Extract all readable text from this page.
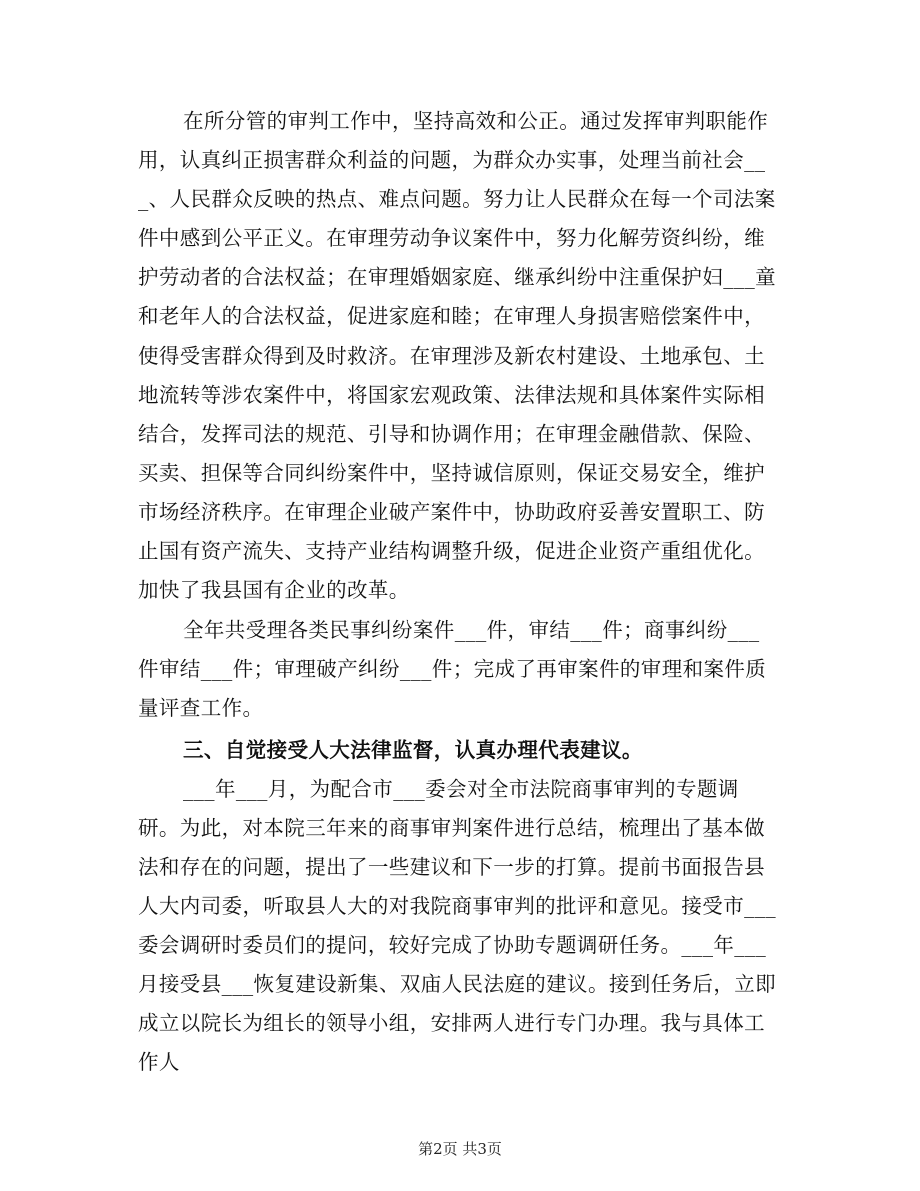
在所分管的审判工作中，坚持高效和公正。通过发挥审判职能作用，认真纠正损害群众利益的问题，为群众办实事，处理当前社会___、人民群众反映的热点、难点问题。努力让人民群众在每一个司法案件中感到公平正义。在审理劳动争议案件中，努力化解劳资纠纷，维护劳动者的合法权益；在审理婚姻家庭、继承纠纷中注重保护妇___童和老年人的合法权益，促进家庭和睦；在审理人身损害赔偿案件中，使得受害群众得到及时救济。在审理涉及新农村建设、土地承包、土地流转等涉农案件中，将国家宏观政策、法律法规和具体案件实际相结合，发挥司法的规范、引导和协调作用；在审理金融借款、保险、买卖、担保等合同纠纷案件中，坚持诚信原则，保证交易安全，维护市场经济秩序。在审理企业破产案件中，协助政府妥善安置职工、防止国有资产流失、支持产业结构调整升级，促进企业资产重组优化。加快了我县国有企业的改革。

全年共受理各类民事纠纷案件___件，审结___件；商事纠纷___件审结___件；审理破产纠纷___件；完成了再审案件的审理和案件质量评查工作。

三、自觉接受人大法律监督，认真办理代表建议。

___年___月，为配合市___委会对全市法院商事审判的专题调研。为此，对本院三年来的商事审判案件进行总结，梳理出了基本做法和存在的问题，提出了一些建议和下一步的打算。提前书面报告县人大内司委，听取县人大的对我院商事审判的批评和意见。接受市___委会调研时委员们的提问，较好完成了协助专题调研任务。___年___月接受县___恢复建设新集、双庙人民法庭的建议。接到任务后，立即成立以院长为组长的领导小组，安排两人进行专门办理。我与具体工作人

第2页 共3页
